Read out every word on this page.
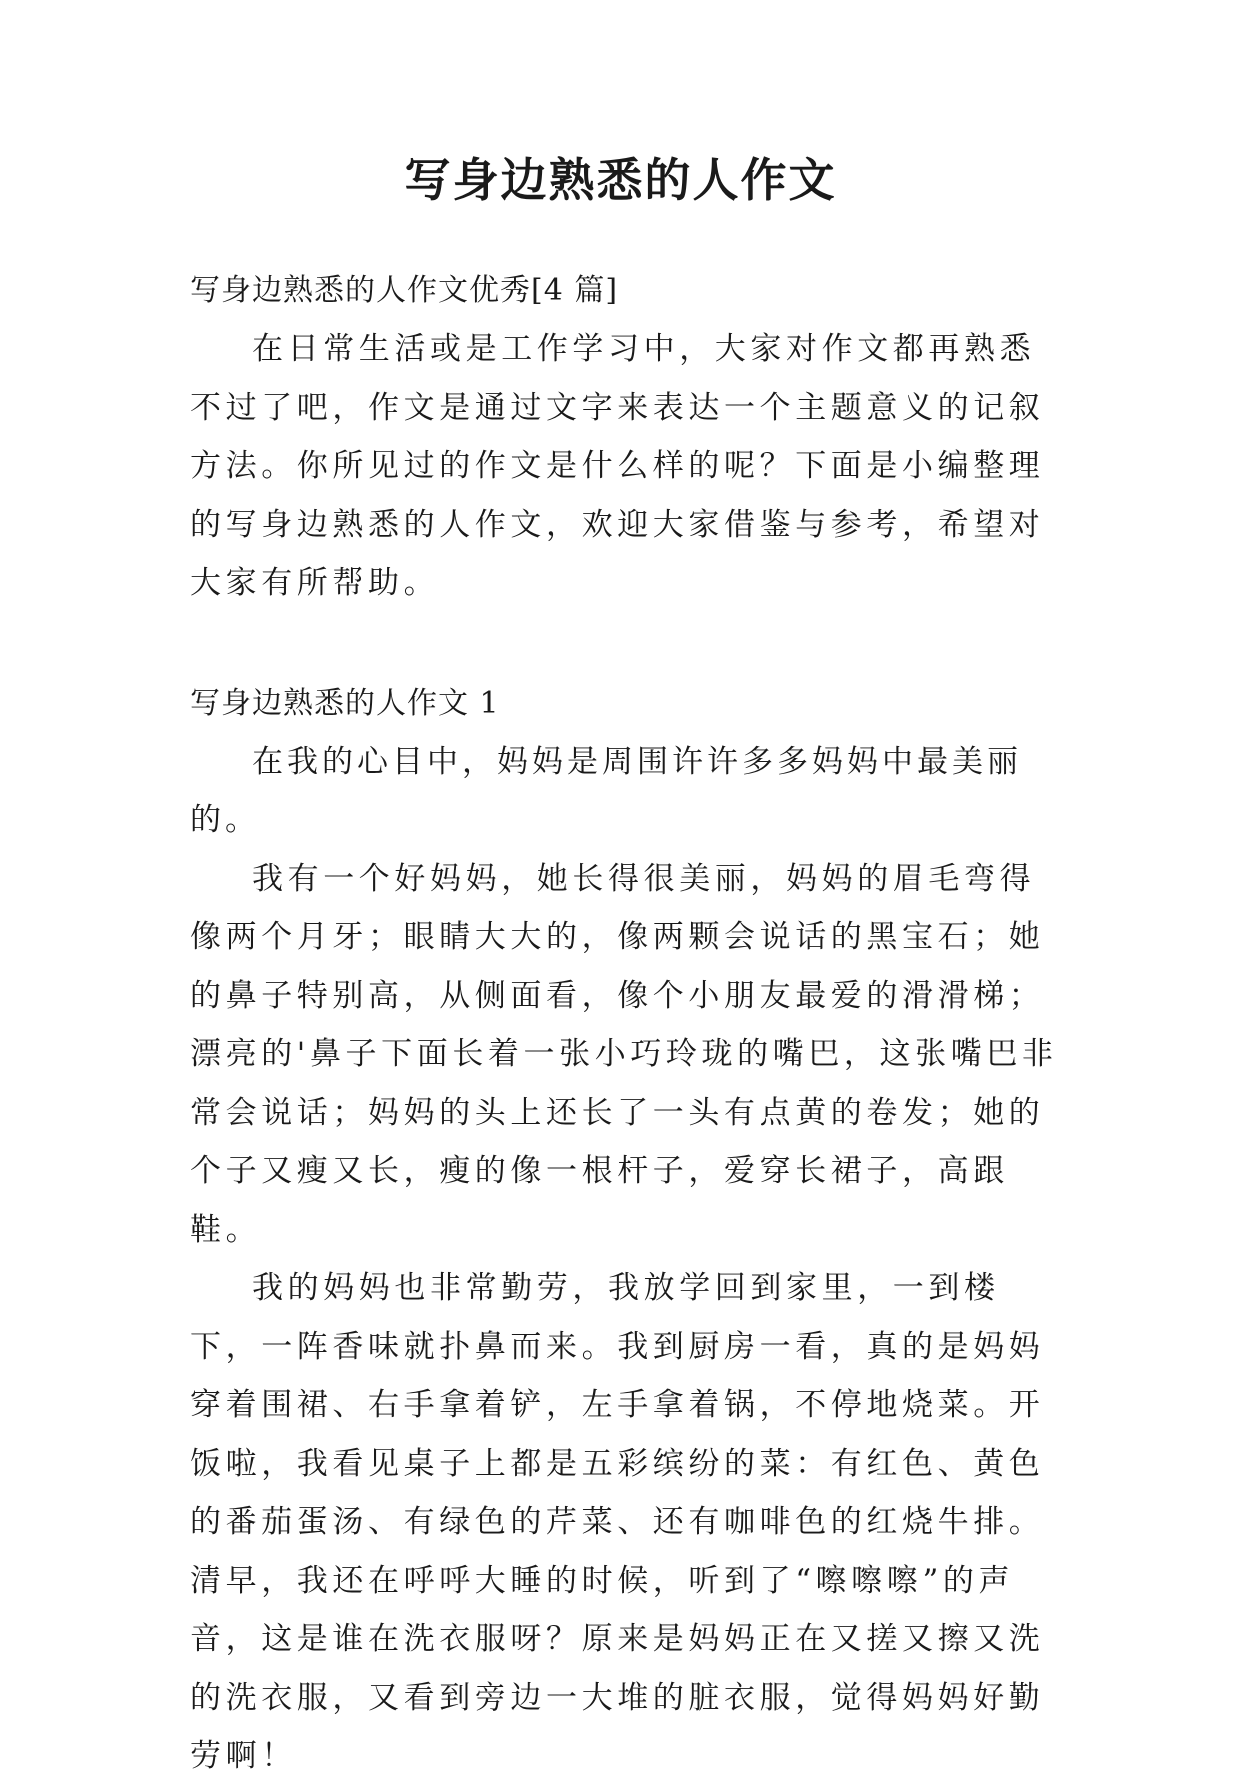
写身边熟悉的人作文

写身边熟悉的人作文优秀[4 篇]

在日常生活或是工作学习中，大家对作文都再熟悉不过了吧，作文是通过文字来表达一个主题意义的记叙方法。你所见过的作文是什么样的呢？下面是小编整理的写身边熟悉的人作文，欢迎大家借鉴与参考，希望对大家有所帮助。

写身边熟悉的人作文 1

在我的心目中，妈妈是周围许许多多妈妈中最美丽的。

我有一个好妈妈，她长得很美丽，妈妈的眉毛弯得像两个月牙；眼睛大大的，像两颗会说话的黑宝石；她的鼻子特别高，从侧面看，像个小朋友最爱的滑滑梯；漂亮的'鼻子下面长着一张小巧玲珑的嘴巴，这张嘴巴非常会说话；妈妈的头上还长了一头有点黄的卷发；她的个子又瘦又长，瘦的像一根杆子，爱穿长裙子，高跟鞋。

我的妈妈也非常勤劳，我放学回到家里，一到楼下，一阵香味就扑鼻而来。我到厨房一看，真的是妈妈穿着围裙、右手拿着铲，左手拿着锅，不停地烧菜。开饭啦，我看见桌子上都是五彩缤纷的菜：有红色、黄色的番茄蛋汤、有绿色的芹菜、还有咖啡色的红烧牛排。清早，我还在呼呼大睡的时候，听到了“嚓嚓嚓”的声音，这是谁在洗衣服呀？原来是妈妈正在又搓又擦又洗的洗衣服，又看到旁边一大堆的脏衣服，觉得妈妈好勤劳啊！
